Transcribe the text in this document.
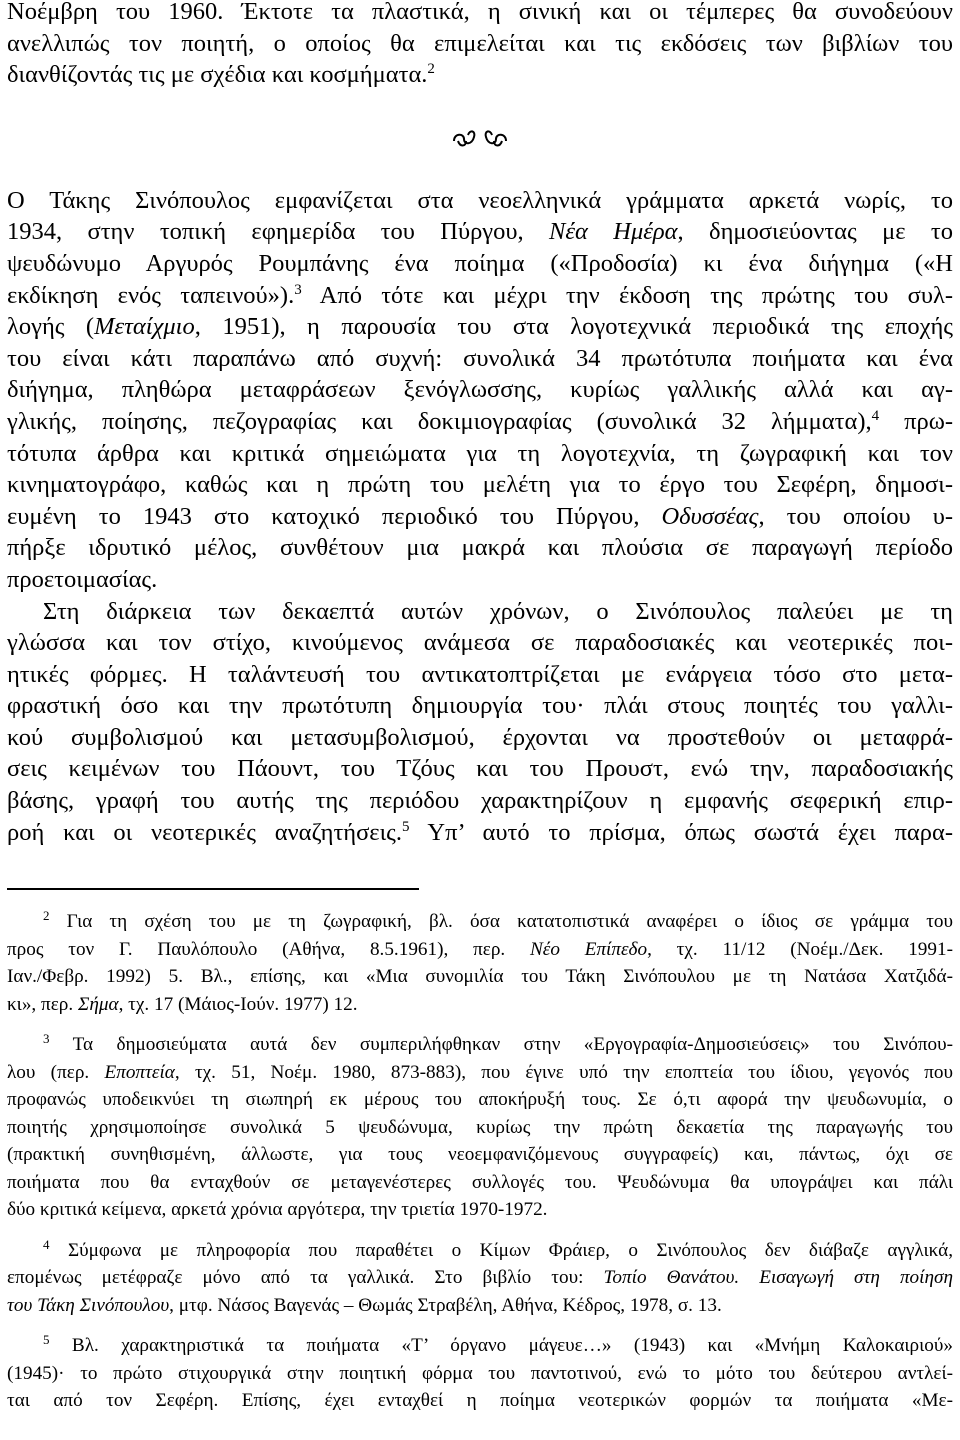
Νοέμβρη του 1960. Έκτοτε τα πλαστικά, η σινική και οι τέμπερες θα συνοδεύουν
ανελλιπώς τον ποιητή, ο οποίος θα επιμελείται και τις εκδόσεις των βιβλίων του
διανθίζοντάς τις με σχέδια και κοσμήματα.$^2$
Ο Τάκης Σινόπουλος εμφανίζεται στα νεοελληνικά γράμματα αρκετά νωρίς, το
1934, στην τοπική εφημερίδα του Πύργου, Νέα Ημέρα, δημοσιεύοντας με το
ψευδώνυμο Αργυρός Ρουμπάνης ένα ποίημα («Προδοσία) κι ένα διήγημα («Η
εκδίκηση ενός ταπεινού»).$^3$ Από τότε και μέχρι την έκδοση της πρώτης του συλ-
λογής (Μεταίχμιο, 1951), η παρουσία του στα λογοτεχνικά περιοδικά της εποχής
του είναι κάτι παραπάνω από συχνή: συνολικά 34 πρωτότυπα ποιήματα και ένα
διήγημα, πληθώρα μεταφράσεων ξενόγλωσσης, κυρίως γαλλικής αλλά και αγ-
γλικής, ποίησης, πεζογραφίας και δοκιμιογραφίας (συνολικά 32 λήμματα),$^4$ πρω-
τότυπα άρθρα και κριτικά σημειώματα για τη λογοτεχνία, τη ζωγραφική και τον
κινηματογράφο, καθώς και η πρώτη του μελέτη για το έργο του Σεφέρη, δημοσι-
ευμένη το 1943 στο κατοχικό περιοδικό του Πύργου, Οδυσσέας, του οποίου υ-
πήρξε ιδρυτικό μέλος, συνθέτουν μια μακρά και πλούσια σε παραγωγή περίοδο
προετοιμασίας.
Στη διάρκεια των δεκαεπτά αυτών χρόνων, ο Σινόπουλος παλεύει με τη
γλώσσα και τον στίχο, κινούμενος ανάμεσα σε παραδοσιακές και νεοτερικές ποι-
ητικές φόρμες. Η ταλάντευσή του αντικατοπτρίζεται με ενάργεια τόσο στο μετα-
φραστική όσο και την πρωτότυπη δημιουργία του· πλάι στους ποιητές του γαλλι-
κού συμβολισμού και μετασυμβολισμού, έρχονται να προστεθούν οι μεταφρά-
σεις κειμένων του Πάουντ, του Τζόυς και του Προυστ, ενώ την, παραδοσιακής
βάσης, γραφή του αυτής της περιόδου χαρακτηρίζουν η εμφανής σεφερική επιρ-
ροή και οι νεοτερικές αναζητήσεις.$^5$ Υπ’ αυτό το πρίσμα, όπως σωστά έχει παρα-
$^2$ Για τη σχέση του με τη ζωγραφική, βλ. όσα κατατοπιστικά αναφέρει ο ίδιος σε γράμμα του
προς τον Γ. Παυλόπουλο (Αθήνα, 8.5.1961), περ. Νέο Επίπεδο, τχ. 11/12 (Νοέμ./Δεκ. 1991-
Ιαν./Φεβρ. 1992) 5. Βλ., επίσης, και «Μια συνομιλία του Τάκη Σινόπουλου με τη Νατάσα Χατζιδά-
κι», περ. Σήμα, τχ. 17 (Μάιος-Ιούν. 1977) 12.
$^3$ Τα δημοσιεύματα αυτά δεν συμπεριλήφθηκαν στην «Εργογραφία-Δημοσιεύσεις» του Σινόπου-
λου (περ. Εποπτεία, τχ. 51, Νοέμ. 1980, 873-883), που έγινε υπό την εποπτεία του ίδιου, γεγονός που
προφανώς υποδεικνύει τη σιωπηρή εκ μέρους του αποκήρυξή τους. Σε ό,τι αφορά την ψευδωνυμία, ο
ποιητής χρησιμοποίησε συνολικά 5 ψευδώνυμα, κυρίως την πρώτη δεκαετία της παραγωγής του
(πρακτική συνηθισμένη, άλλωστε, για τους νεοεμφανιζόμενους συγγραφείς) και, πάντως, όχι σε
ποιήματα που θα ενταχθούν σε μεταγενέστερες συλλογές του. Ψευδώνυμα θα υπογράψει και πάλι
δύο κριτικά κείμενα, αρκετά χρόνια αργότερα, την τριετία 1970-1972.
$^4$ Σύμφωνα με πληροφορία που παραθέτει ο Κίμων Φράιερ, ο Σινόπουλος δεν διάβαζε αγγλικά,
επομένως μετέφραζε μόνο από τα γαλλικά. Στο βιβλίο του: Τοπίο Θανάτου. Εισαγωγή στη ποίηση
του Τάκη Σινόπουλου, μτφ. Νάσος Βαγενάς – Θωμάς Στραβέλη, Αθήνα, Κέδρος, 1978, σ. 13.
$^5$ Βλ. χαρακτηριστικά τα ποιήματα «Τ’ όργανο μάγευε…» (1943) και «Μνήμη Καλοκαιριού»
(1945)· το πρώτο στιχουργικά στην ποιητική φόρμα του παντοτινού, ενώ το μότο του δεύτερου αντλεί-
ται από τον Σεφέρη. Επίσης, έχει ενταχθεί η ποίημα νεοτερικών φορμών τα ποιήματα «Με-
